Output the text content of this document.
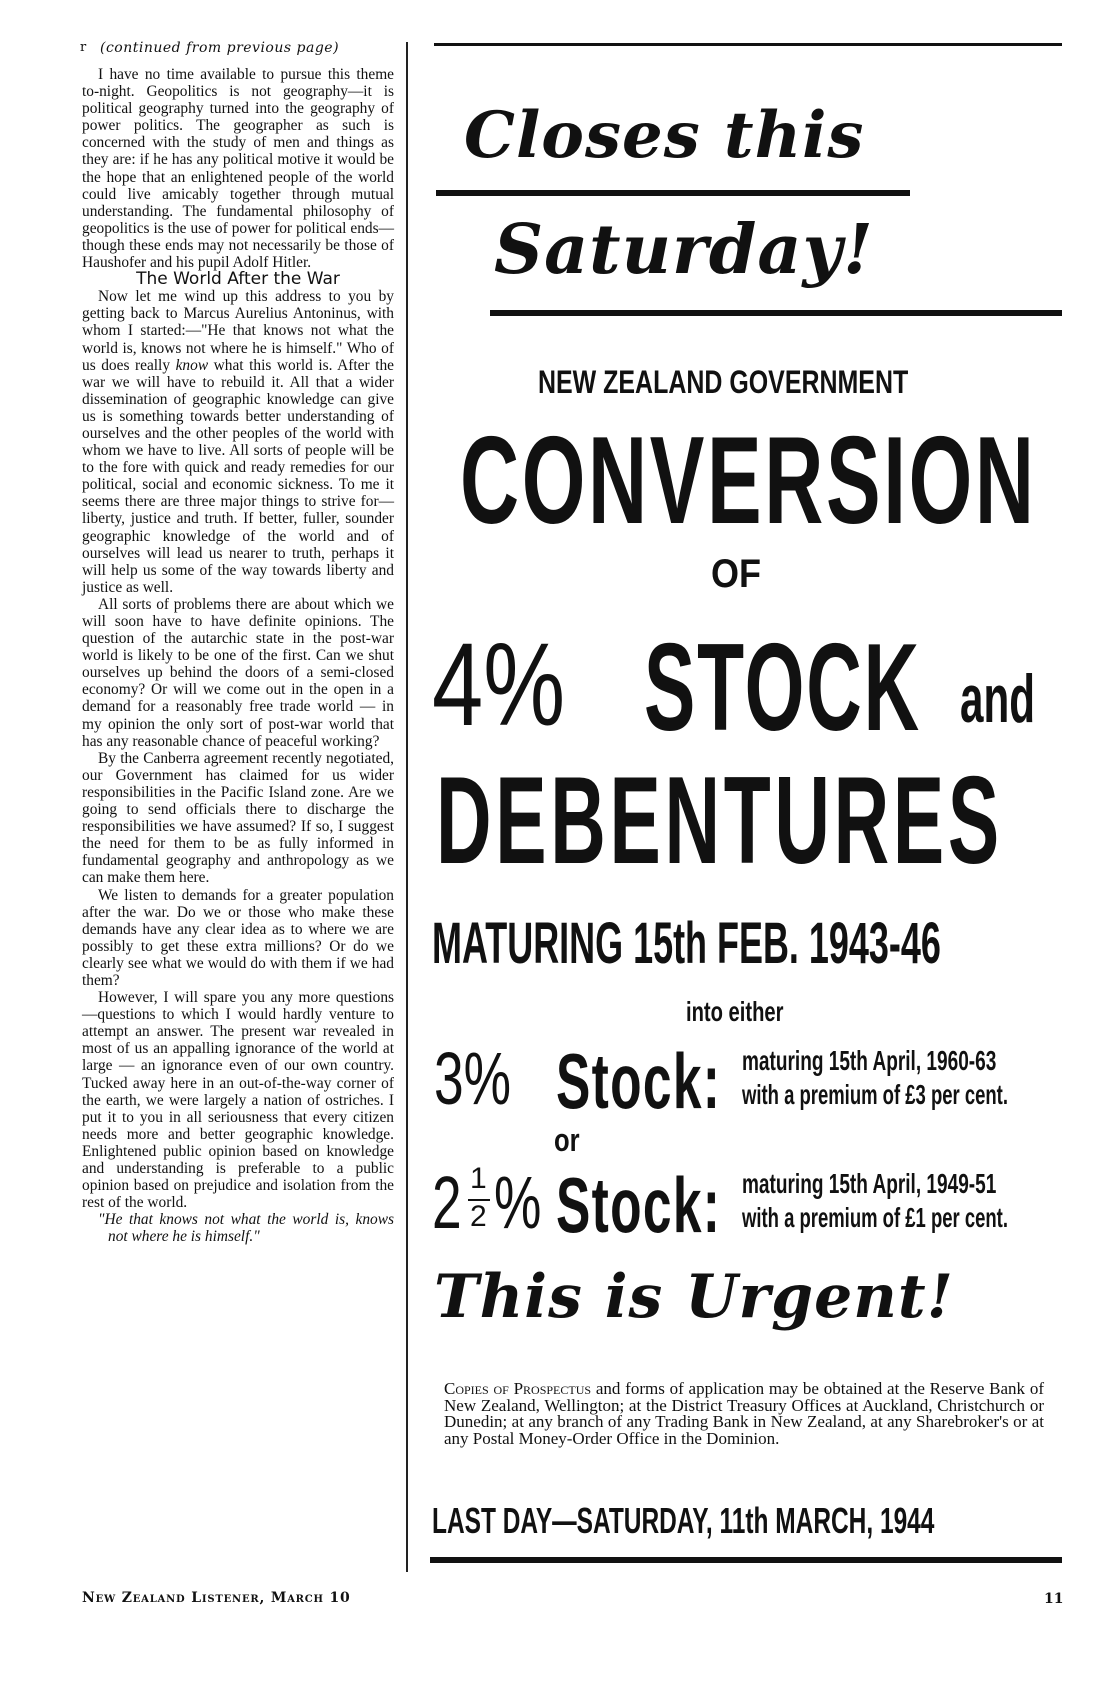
r (continued from previous page)

I have no time available to pursue this theme to-night. Geopolitics is not geography—it is political geography turned into the geography of power politics. The geographer as such is concerned with the study of men and things as they are: if he has any political motive it would be the hope that an enlightened people of the world could live amicably together through mutual understanding. The fundamental philosophy of geopolitics is the use of power for political ends—though these ends may not necessarily be those of Haushofer and his pupil Adolf Hitler.

The World After the War

Now let me wind up this address to you by getting back to Marcus Aurelius Antoninus, with whom I started:—"He that knows not what the world is, knows not where he is himself." Who of us does really know what this world is. After the war we will have to rebuild it. All that a wider dissemination of geographic knowledge can give us is something towards better understanding of ourselves and the other peoples of the world with whom we have to live. All sorts of people will be to the fore with quick and ready remedies for our political, social and economic sickness. To me it seems there are three major things to strive for—liberty, justice and truth. If better, fuller, sounder geographic knowledge of the world and of ourselves will lead us nearer to truth, perhaps it will help us some of the way towards liberty and justice as well.

All sorts of problems there are about which we will soon have to have definite opinions. The question of the autarchic state in the post-war world is likely to be one of the first. Can we shut ourselves up behind the doors of a semi-closed economy? Or will we come out in the open in a demand for a reasonably free trade world — in my opinion the only sort of post-war world that has any reasonable chance of peaceful working?

By the Canberra agreement recently negotiated, our Government has claimed for us wider responsibilities in the Pacific Island zone. Are we going to send officials there to discharge the responsibilities we have assumed? If so, I suggest the need for them to be as fully informed in fundamental geography and anthropology as we can make them here.

We listen to demands for a greater population after the war. Do we or those who make these demands have any clear idea as to where we are possibly to get these extra millions? Or do we clearly see what we would do with them if we had them?

However, I will spare you any more questions—questions to which I would hardly venture to attempt an answer. The present war revealed in most of us an appalling ignorance of the world at large — an ignorance even of our own country. Tucked away here in an out-of-the-way corner of the earth, we were largely a nation of ostriches. I put it to you in all seriousness that every citizen needs more and better geographic knowledge. Enlightened public opinion based on knowledge and understanding is preferable to a public opinion based on prejudice and isolation from the rest of the world.

"He that knows not what the world is, knows not where he is himself."

Closes this
Saturday!
NEW ZEALAND GOVERNMENT
CONVERSION
OF
4% STOCK and
DEBENTURES
MATURING 15th FEB. 1943-46
into either
3% Stock: maturing 15th April, 1960-63
with a premium of £3 per cent.
or
2 1
2 % Stock: maturing 15th April, 1949-51
with a premium of £1 per cent.
This is Urgent!
Copies of Prospectus and forms of application may be obtained at the Reserve Bank of New Zealand, Wellington; at the District Treasury Offices at Auckland, Christchurch or Dunedin; at any branch of any Trading Bank in New Zealand, at any Sharebroker's or at any Postal Money-Order Office in the Dominion.
LAST DAY—SATURDAY, 11th MARCH, 1944
New Zealand Listener, March 10	11
